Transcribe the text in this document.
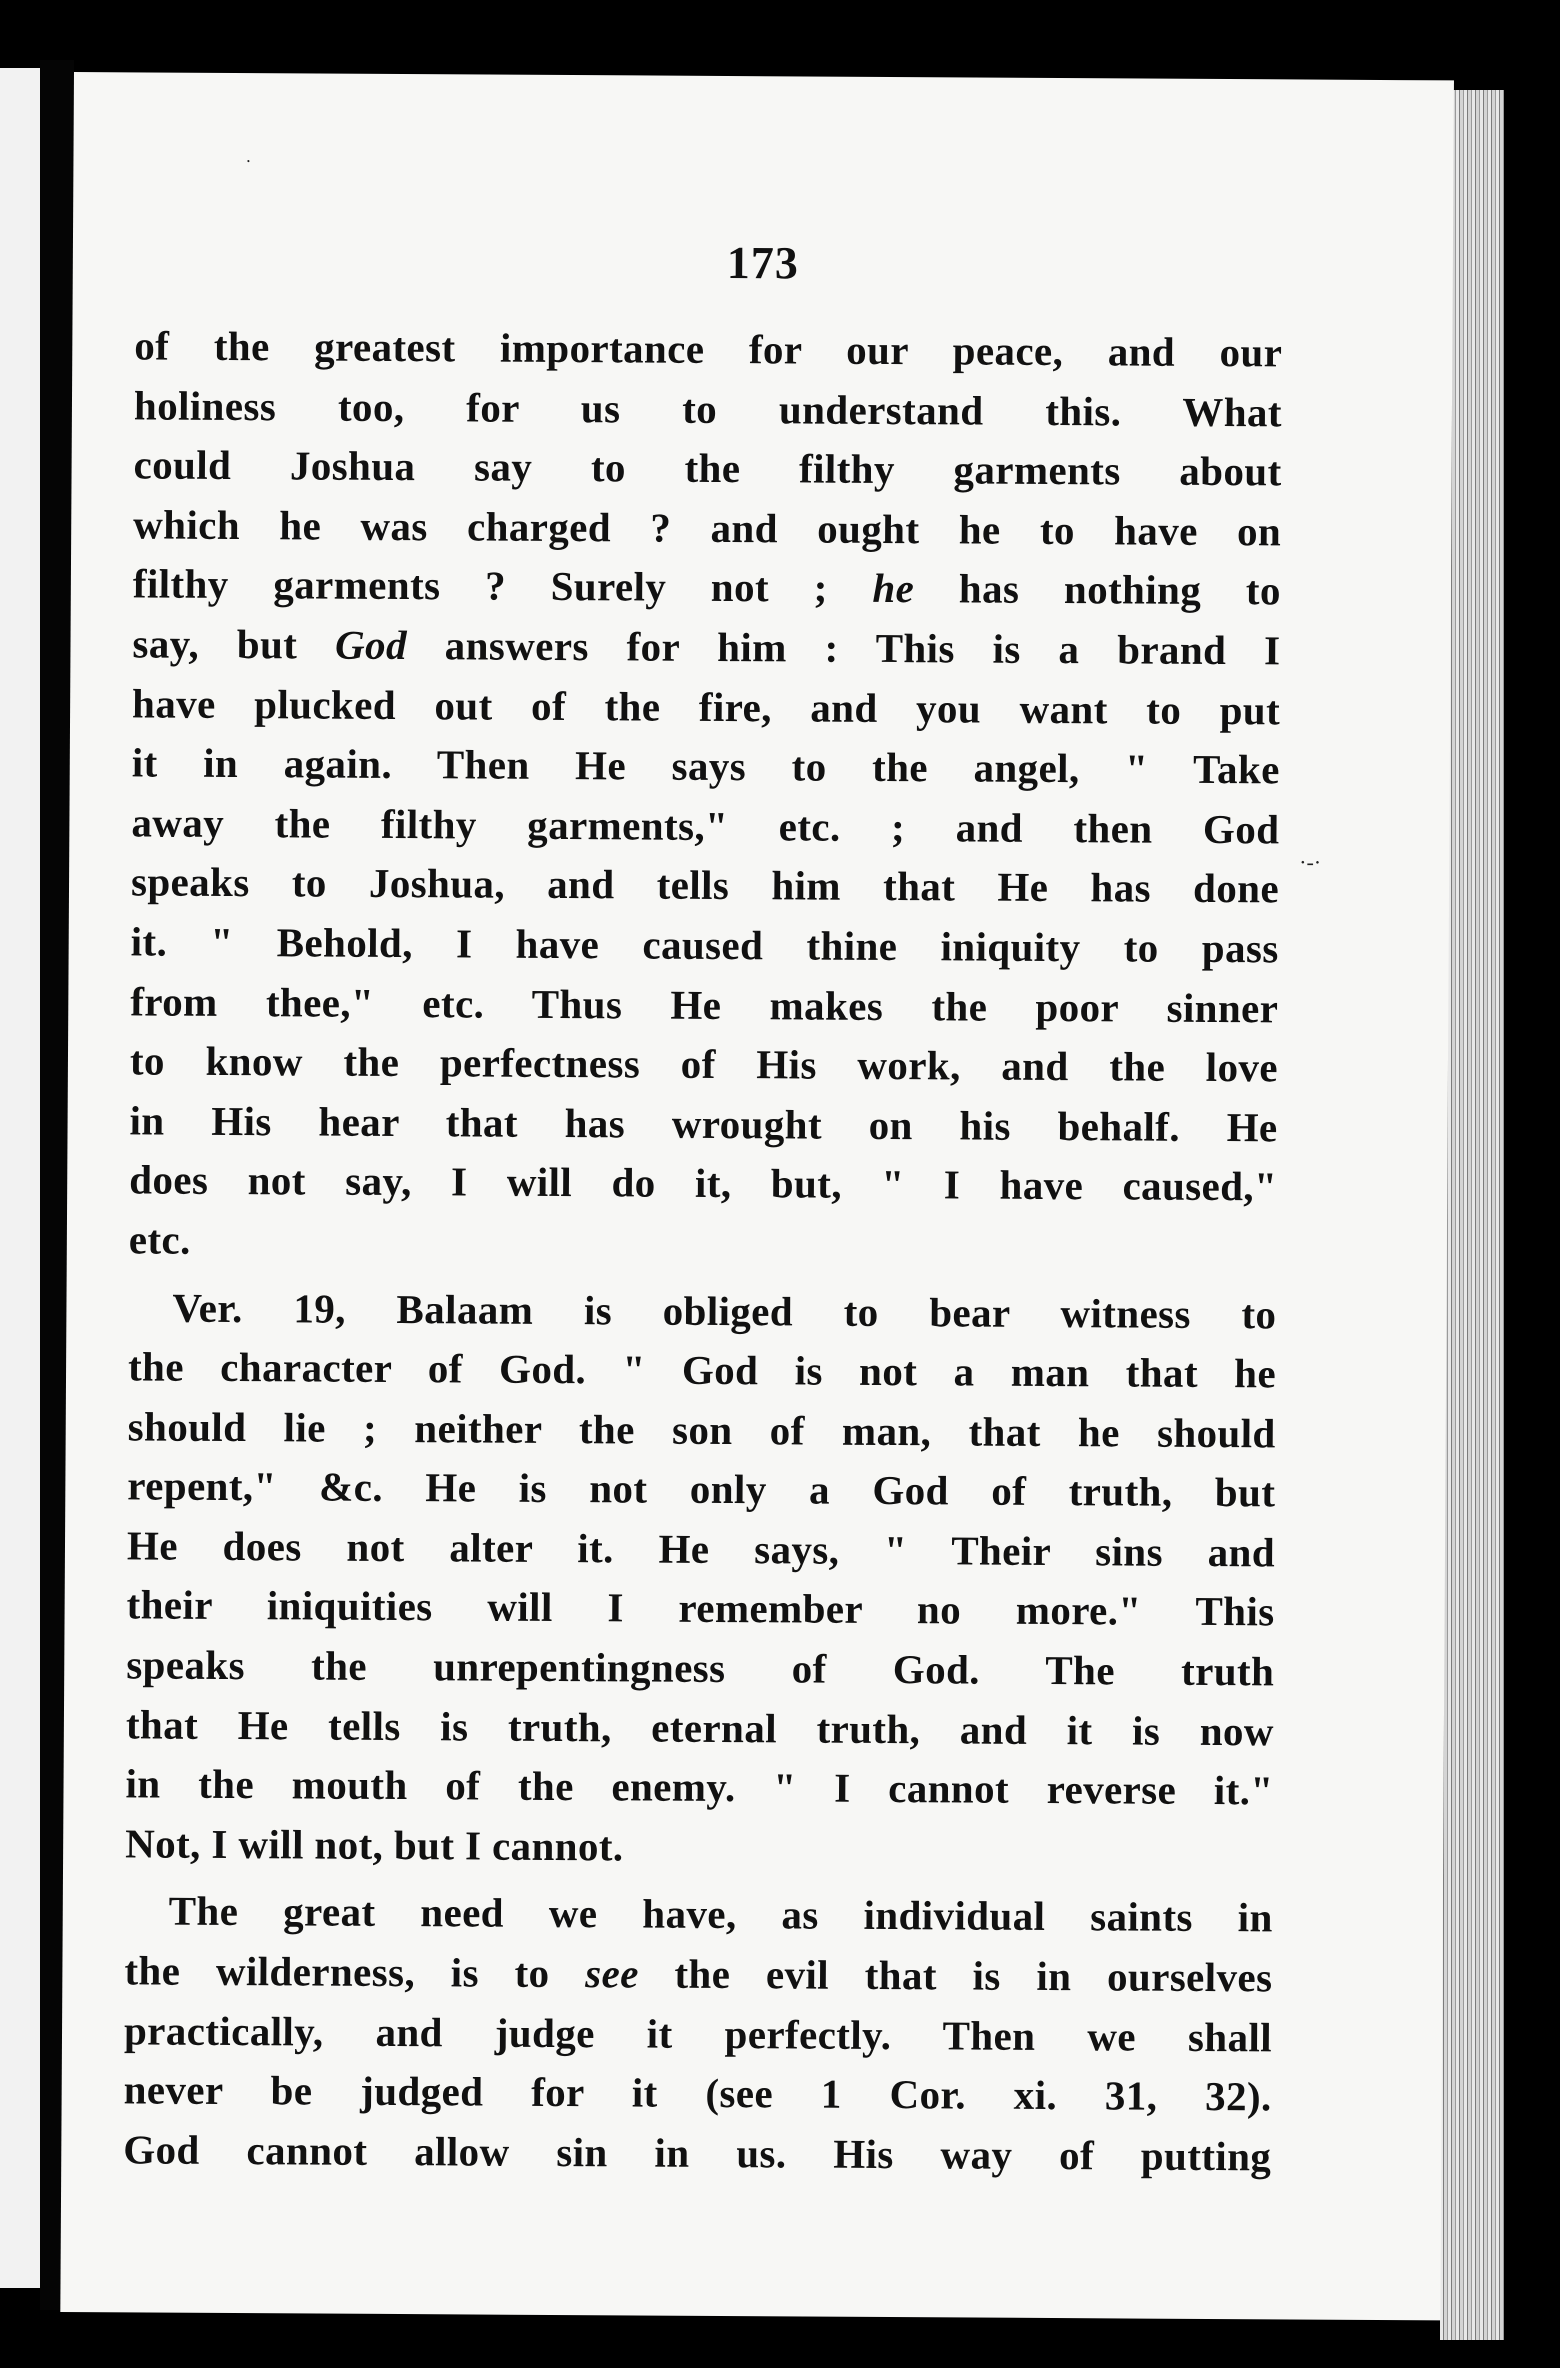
173
of the greatest importance for our peace, and our
holiness too, for us to understand this. What
could Joshua say to the filthy garments about
which he was charged ? and ought he to have on
filthy garments ? Surely not ; he has nothing to
say, but God answers for him : This is a brand I
have plucked out of the fire, and you want to put
it in again. Then He says to the angel, " Take
away the filthy garments," etc. ; and then God
speaks to Joshua, and tells him that He has done
it. " Behold, I have caused thine iniquity to pass
from thee," etc. Thus He makes the poor sinner
to know the perfectness of His work, and the love
in His hear that has wrought on his behalf. He
does not say, I will do it, but, " I have caused,"
etc.
Ver. 19, Balaam is obliged to bear witness to
the character of God. " God is not a man that he
should lie ; neither the son of man, that he should
repent," &c. He is not only a God of truth, but
He does not alter it. He says, " Their sins and
their iniquities will I remember no more." This
speaks the unrepentingness of God. The truth
that He tells is truth, eternal truth, and it is now
in the mouth of the enemy. " I cannot reverse it."
Not, I will not, but I cannot.
The great need we have, as individual saints in
the wilderness, is to see the evil that is in ourselves
practically, and judge it perfectly. Then we shall
never be judged for it (see 1 Cor. xi. 31, 32).
God cannot allow sin in us. His way of putting
·
·-·
